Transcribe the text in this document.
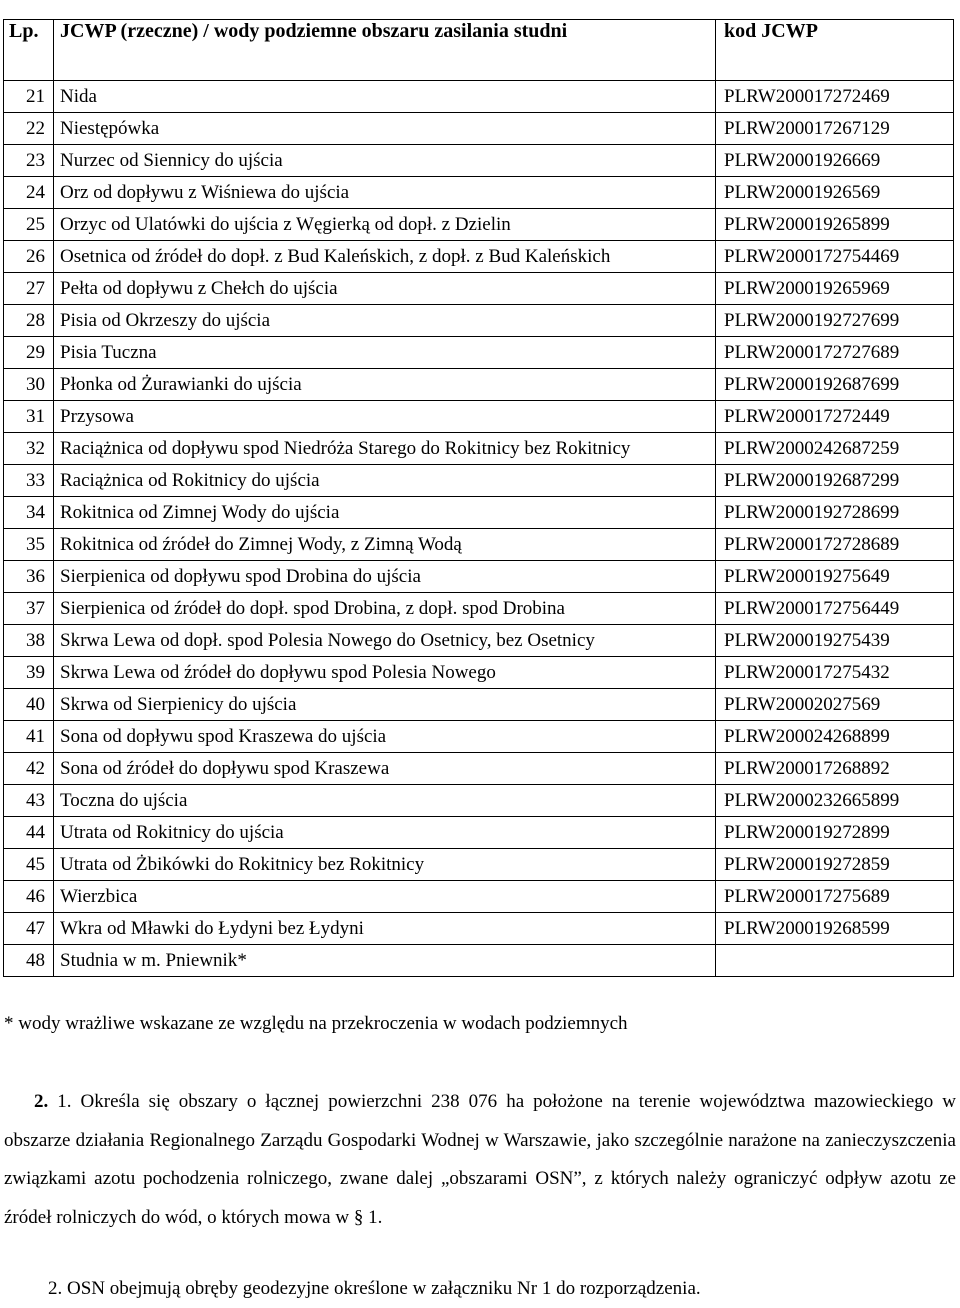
Lp.	JCWP (rzeczne) / wody podziemne obszaru zasilania studni	kod JCWP
21	Nida	PLRW200017272469
22	Niestępówka	PLRW200017267129
23	Nurzec od Siennicy do ujścia	PLRW20001926669
24	Orz od dopływu z Wiśniewa do ujścia	PLRW20001926569
25	Orzyc od Ulatówki do ujścia z Węgierką od dopł. z Dzielin	PLRW200019265899
26	Osetnica od źródeł do dopł. z Bud Kaleńskich, z dopł. z Bud Kaleńskich	PLRW2000172754469
27	Pełta od dopływu z Chełch do ujścia	PLRW200019265969
28	Pisia od Okrzeszy do ujścia	PLRW2000192727699
29	Pisia Tuczna	PLRW2000172727689
30	Płonka od Żurawianki do ujścia	PLRW2000192687699
31	Przysowa	PLRW200017272449
32	Raciążnica od dopływu spod Niedróża Starego do Rokitnicy bez Rokitnicy	PLRW2000242687259
33	Raciążnica od Rokitnicy do ujścia	PLRW2000192687299
34	Rokitnica od Zimnej Wody do ujścia	PLRW2000192728699
35	Rokitnica od źródeł do Zimnej Wody, z Zimną Wodą	PLRW2000172728689
36	Sierpienica od dopływu spod Drobina do ujścia	PLRW200019275649
37	Sierpienica od źródeł do dopł. spod Drobina, z dopł. spod Drobina	PLRW2000172756449
38	Skrwa Lewa od dopł. spod Polesia Nowego do Osetnicy, bez Osetnicy	PLRW200019275439
39	Skrwa Lewa od źródeł do dopływu spod Polesia Nowego	PLRW200017275432
40	Skrwa od Sierpienicy do ujścia	PLRW20002027569
41	Sona od dopływu spod Kraszewa do ujścia	PLRW200024268899
42	Sona od źródeł do dopływu spod Kraszewa	PLRW200017268892
43	Toczna do ujścia	PLRW2000232665899
44	Utrata od Rokitnicy do ujścia	PLRW200019272899
45	Utrata od Żbikówki do Rokitnicy bez Rokitnicy	PLRW200019272859
46	Wierzbica	PLRW200017275689
47	Wkra od Mławki do Łydyni bez Łydyni	PLRW200019268599
48	Studnia w m. Pniewnik*	
* wody wrażliwe wskazane ze względu na przekroczenia w wodach podziemnych

2. 1. Określa się obszary o łącznej powierzchni 238 076 ha położone na terenie województwa mazowieckiego w obszarze działania Regionalnego Zarządu Gospodarki Wodnej w Warszawie, jako szczególnie narażone na zanieczyszczenia związkami azotu pochodzenia rolniczego, zwane dalej „obszarami OSN”, z których należy ograniczyć odpływ azotu ze źródeł rolniczych do wód, o których mowa w § 1.

2. OSN obejmują obręby geodezyjne określone w załączniku Nr 1 do rozporządzenia.
